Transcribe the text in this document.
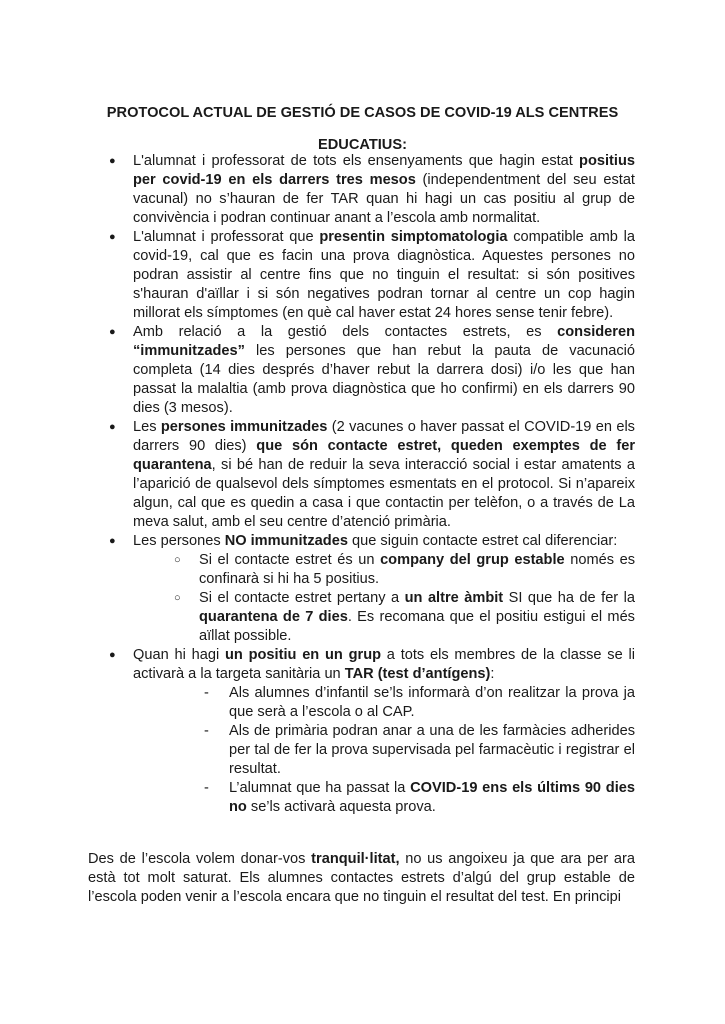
PROTOCOL ACTUAL DE GESTIÓ DE CASOS DE COVID-19 ALS CENTRES EDUCATIUS:
● L'alumnat i professorat de tots els ensenyaments que hagin estat positius per covid-19 en els darrers tres mesos (independentment del seu estat vacunal) no s’hauran de fer TAR quan hi hagi un cas positiu al grup de convivència i podran continuar anant a l’escola amb normalitat.
● L'alumnat i professorat que presentin simptomatologia compatible amb la covid-19, cal que es facin una prova diagnòstica. Aquestes persones no podran assistir al centre fins que no tinguin el resultat: si són positives s'hauran d'aïllar i si són negatives podran tornar al centre un cop hagin millorat els símptomes (en què cal haver estat 24 hores sense tenir febre).
● Amb relació a la gestió dels contactes estrets, es consideren “immunitzades” les persones que han rebut la pauta de vacunació completa (14 dies després d’haver rebut la darrera dosi) i/o les que han passat la malaltia (amb prova diagnòstica que ho confirmi) en els darrers 90 dies (3 mesos).
● Les persones immunitzades (2 vacunes o haver passat el COVID-19 en els darrers 90 dies) que són contacte estret, queden exemptes de fer quarantena, si bé han de reduir la seva interacció social i estar amatents a l’aparició de qualsevol dels símptomes esmentats en el protocol. Si n’apareix algun, cal que es quedin a casa i que contactin per telèfon, o a través de La meva salut, amb el seu centre d’atenció primària.
● Les persones NO immunitzades que siguin contacte estret cal diferenciar:
○ Si el contacte estret és un company del grup estable només es confinarà si hi ha 5 positius.
○ Si el contacte estret pertany a un altre àmbit SI que ha de fer la quarantena de 7 dies. Es recomana que el positiu estigui el més aïllat possible.
● Quan hi hagi un positiu en un grup a tots els membres de la classe se li activarà a la targeta sanitària un TAR (test d’antígens):
- Als alumnes d’infantil se’ls informarà d’on realitzar la prova ja que serà a l’escola o al CAP.
- Als de primària podran anar a una de les farmàcies adherides per tal de fer la prova supervisada pel farmacèutic i registrar el resultat.
- L’alumnat que ha passat la COVID-19 ens els últims 90 dies no se’ls activarà aquesta prova.

Des de l’escola volem donar-vos tranquil·litat, no us angoixeu ja que ara per ara està tot molt saturat. Els alumnes contactes estrets d’algú del grup estable de l’escola poden venir a l’escola encara que no tinguin el resultat del test. En principi
